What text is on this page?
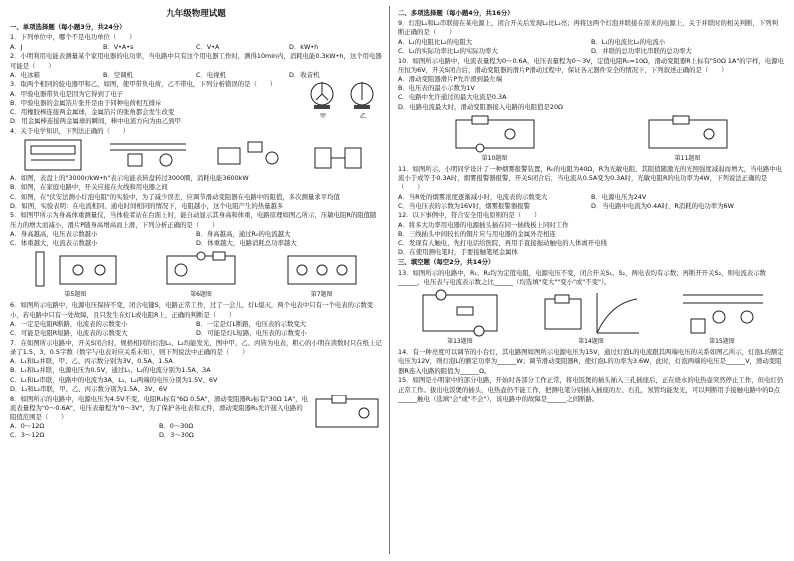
九年级物理试题
一、单项选择题（每小题3分，共24分）
1．下列单位中，哪个不是电功单位（　　）
A．J	B．V•A•s	C．V•A	D．kW•h
2．小明利用电能表测量某个家用电器的电功率，当电路中只有这个用电器工作时，测得10min内，消耗电能0.3kW•h，这个用电器可能是（　　）
A．电冰箱	B．空调机	C．电视机	D．收音机
3．取两个相同的验电器甲和乙，如图，使甲带负电荷，乙不带电，下列分析错误的是（　　）
A．甲验电器带负电是因为它得到了电子
B．甲验电器的金属箔片张开是由于同种电荷相互排斥
C．用橡胶棒连接两金属球，金属箔片的张角都会发生改变
D．用金属棒连接两金属球的瞬间，棒中电流方向为由乙到甲
甲	乙
4．关于电学知识，下列法正确的（　　）
A．如图，表盘上的"3000r/kW•h"表示电能表转盘转过3000圈，消耗电能3600kW
B．如图，在家庭电路中，开关应接在火线和用电器之间
C．如图，在"伏安法测小灯泡电阻"的实验中，为了减少误差，应调节滑动变阻器在电路中的阻值，多次测量求平均值
D．如图，实验表明：在电流相同、通电时间相同的情况下，电阻越小，这个电阻产生的热量越多
5．如图甲所示为身高体重测量仪，当体检者站在台面上时，能自动显示其身高和体重，电路原理如图乙所示，压敏电阻R的阻值随压力的增大而减小，滑片P随身高增高而上滑，下列分析正确的是（　　）
A．身高越高，电压表示数越小	B．身高越高，通过R₀的电流越大
C．体重越大，电流表示数越小	D．体重越大，电路消耗总功率越大
第5题图	第6题图	第7题图
6．如图所示电路中，电源电压保持不变，闭合电键S，电路正常工作，过了一会儿，灯L熄灭，两个电表中只有一个电表的示数变小，若电路中只有一处故障，且只发生在灯L或电阻R上，正确的判断是（　　）
A．一定是电阻R断路，电流表的示数变小	B．一定是灯L断路，电压表的示数变大
C．可能是电阻R短路，电流表的示数变大	D．可能是灯L短路，电压表的示数变小
7．在如图所示电路中，开关S闭合时，规格相同的灯泡L₁、L₂均能发光，图中甲、乙、丙皆为电表，粗心的小明在读数时只在纸上记录了1.5、3、0.5字数（数字与电表对应关系未知），则下列说法中正确的是（　　）
A．L₁和L₂并联，甲、乙、丙示数分别为3V、0.5A、1.5A
B．L₁和L₂并联，电源电压为0.5V，通过L₁、L₂的电流分别为1.5A、3A
C．L₁和L₂串联，电路中的电流为3A，L₁、L₂两端的电压分别为1.5V、6V
D．L₁和L₂串联，甲、乙、丙示数分别为1.5A、3V、6V
8．如图所示的电路中，电源电压为4.5V不变，电阻R₁标有"6Ω 0.5A"，滑动变阻器R₂标有"30Ω 1A"，电流表量程为"0～0.6A"，电压表量程为"0～3V"，为了保护各电表和元件，滑动变阻器R₂允许接入电路的阻值范围是（　　）
A．0～12Ω	B．0～30Ω
C．3～12Ω	D．3～30Ω
二、多项选择题（每小题4分，共16分）
9．灯泡L₁和L₂串联接在某电源上，闭合开关后发现L₁比L₂亮；再将这两个灯泡并联接在原来的电源上，关于并联时的相关判断，下列判断正确的是（　　）
A．L₁的电阻比L₂的电阻大	B．L₁的电流比L₂的电流小
C．L₁的实际功率比L₂的实际功率大	D．并联的总功率比串联的总功率大
10．如图所示电路中，电流表量程为0～0.6A，电压表量程为0～3V，定值电阻R₀=10Ω，滑动变阻器R上标有"50Ω 1A"的字样，电源电压恒为6V，开关S闭合后，滑动变阻器的滑片P滑动过程中，保证各元器件安全的情况下，下列叙述正确的是（　　）
A．滑动变阻器滑片P允许滑到最左端
B．电压表的最小示数为1V
C．电路中允许通过的最大电流是0.3A
D．电路电流最大时，滑动变阻器接入电路的电阻值是20Ω
第10题图	第11题图
11．如图所示，小明同学设计了一种烟雾报警装置，R₀的电阻为40Ω，R为光敏电阻，其阻值随激光的光照强度减弱而增大，当电路中电流小于或等于0.3A时，烟雾报警器报警，开关S闭合后，当电流从0.5A变为0.3A时，光敏电阻R的电功率为4W，下列说法正确的是（　　）
A．当R处的烟雾浓度逐渐减小时，电流表的示数变大	B．电源电压为24V
C．当电压表的示数为16V时，烟雾报警器报警	D．当电路中电流为0.4A时，R消耗的电功率为6W
12．以下事例中，符合安全用电原则的是（　　）
A．将多大功率用电器的电源插头插在同一插线板上同时工作
B．三线插头中间较长的铜片应与用电器的金属外壳相连
C．发现有人触电，先打电话给医院，再用手直接拖动触电的人体离开电线
D．在使用测电笔时，手要接触笔尾金属体
三、填空题（每空2分，共14分）
13．如图所示的电路中，R₁、R₂均为定值电阻，电源电压不变，闭合开关S₁、S₂，两电表均有示数；再断开开关S₂，则电流表示数______，电压表与电流表示数之比______（均选填"变大""变小"或"不变"）。
第13题图	第14题图	第15题图
14．有一种亮度可以调节的小台灯，其电路图如图所示电源电压为15V，通过灯泡L的电流跟其两端电压的关系如图乙所示，灯泡L的额定电压为12V，则灯泡L的额定功率为______W；调节滑动变阻器R，使灯泡L的功率为3.6W，此时，灯泡两端的电压是______V，滑动变阻器R连入电路的阻值为______Ω。
15．如图是小明家中的部分电路，开始时各部分工作正常，将电饭煲的插头插入三孔插座后，正在烧水的电热壶突然停止工作，但电灯仍正常工作。拔出电饭煲的插头，电热壶仍不能工作，把测电笔分别插入插座的左、右孔，氖管均能发光，可以判断用手接触电路中的D点______触电（选填"会"或"不会"），该电路中的故障是______之间断路。
